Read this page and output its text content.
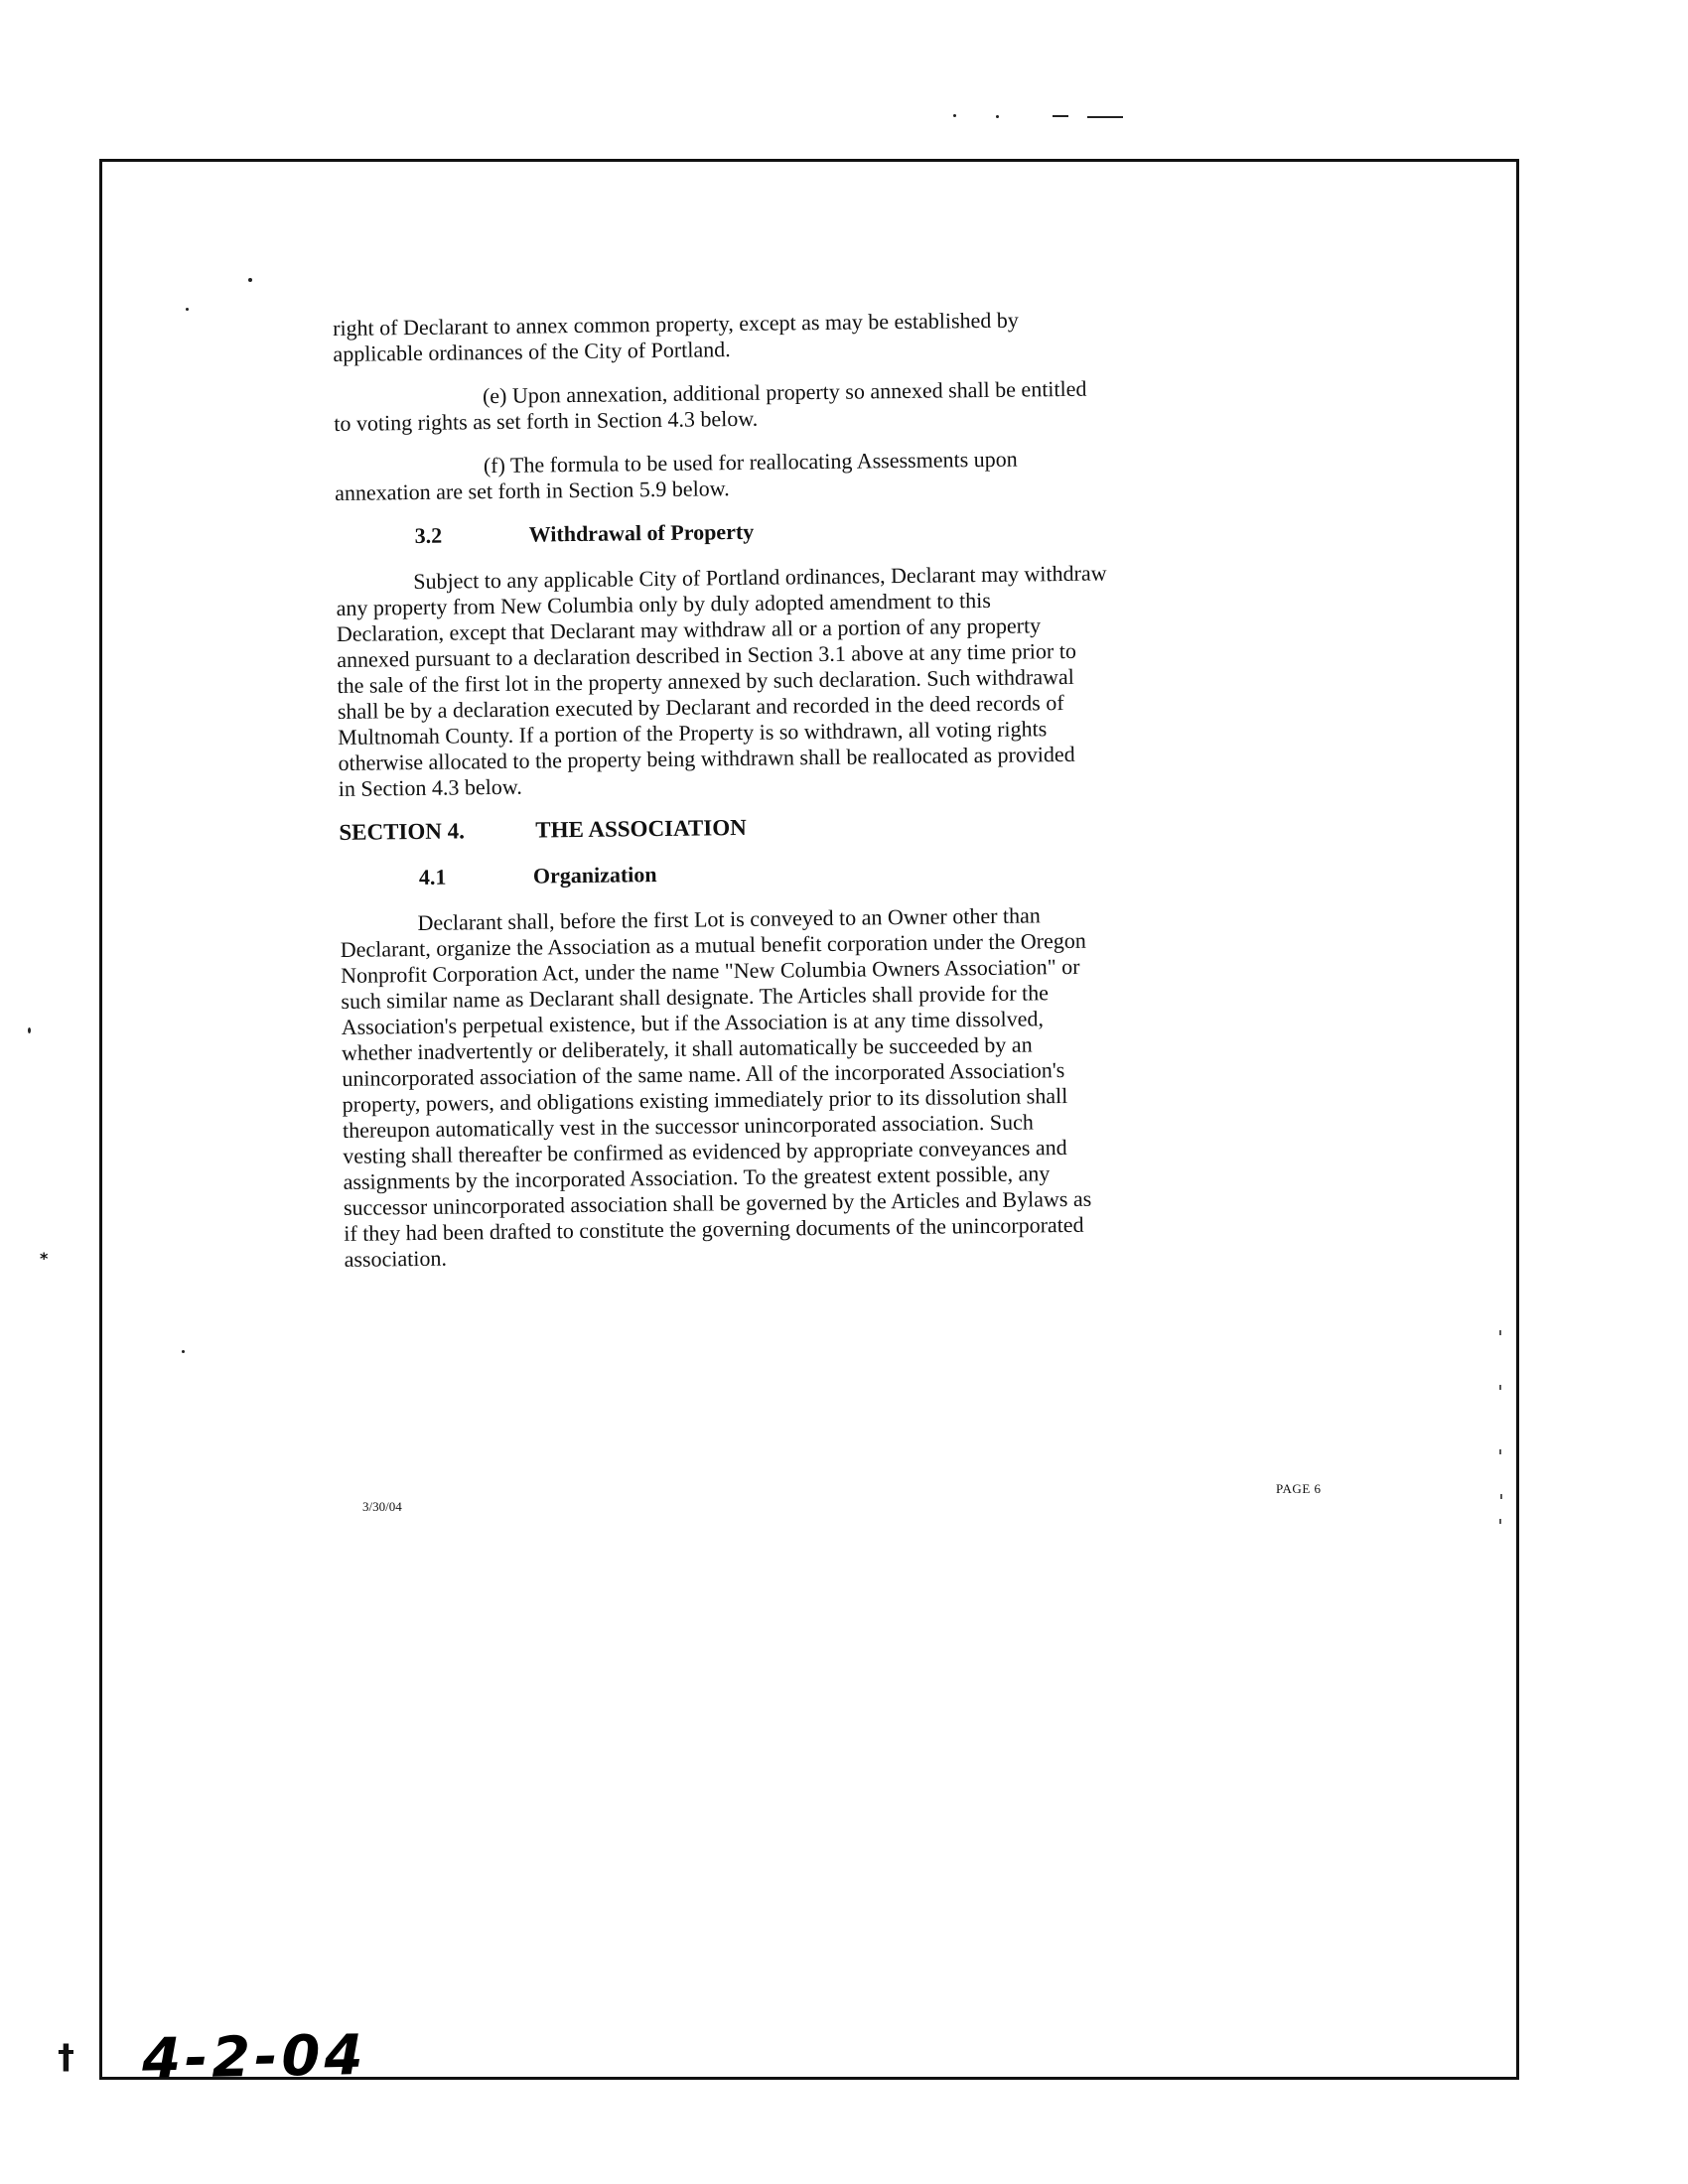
*
†

right of Declarant to annex common property, except as may be established by
applicable ordinances of the City of Portland.

(e) Upon annexation, additional property so annexed shall be entitled
to voting rights as set forth in Section 4.3 below.

(f) The formula to be used for reallocating Assessments upon
annexation are set forth in Section 5.9 below.

3.2	Withdrawal of Property

Subject to any applicable City of Portland ordinances, Declarant may withdraw
any property from New Columbia only by duly adopted amendment to this
Declaration, except that Declarant may withdraw all or a portion of any property
annexed pursuant to a declaration described in Section 3.1 above at any time prior to
the sale of the first lot in the property annexed by such declaration. Such withdrawal
shall be by a declaration executed by Declarant and recorded in the deed records of
Multnomah County. If a portion of the Property is so withdrawn, all voting rights
otherwise allocated to the property being withdrawn shall be reallocated as provided
in Section 4.3 below.

SECTION 4.	THE ASSOCIATION
4.1	Organization

Declarant shall, before the first Lot is conveyed to an Owner other than
Declarant, organize the Association as a mutual benefit corporation under the Oregon
Nonprofit Corporation Act, under the name "New Columbia Owners Association" or
such similar name as Declarant shall designate. The Articles shall provide for the
Association's perpetual existence, but if the Association is at any time dissolved,
whether inadvertently or deliberately, it shall automatically be succeeded by an
unincorporated association of the same name. All of the incorporated Association's
property, powers, and obligations existing immediately prior to its dissolution shall
thereupon automatically vest in the successor unincorporated association. Such
vesting shall thereafter be confirmed as evidenced by appropriate conveyances and
assignments by the incorporated Association. To the greatest extent possible, any
successor unincorporated association shall be governed by the Articles and Bylaws as
if they had been drafted to constitute the governing documents of the unincorporated
association.

PAGE 6
3/30/04
4-2-04
